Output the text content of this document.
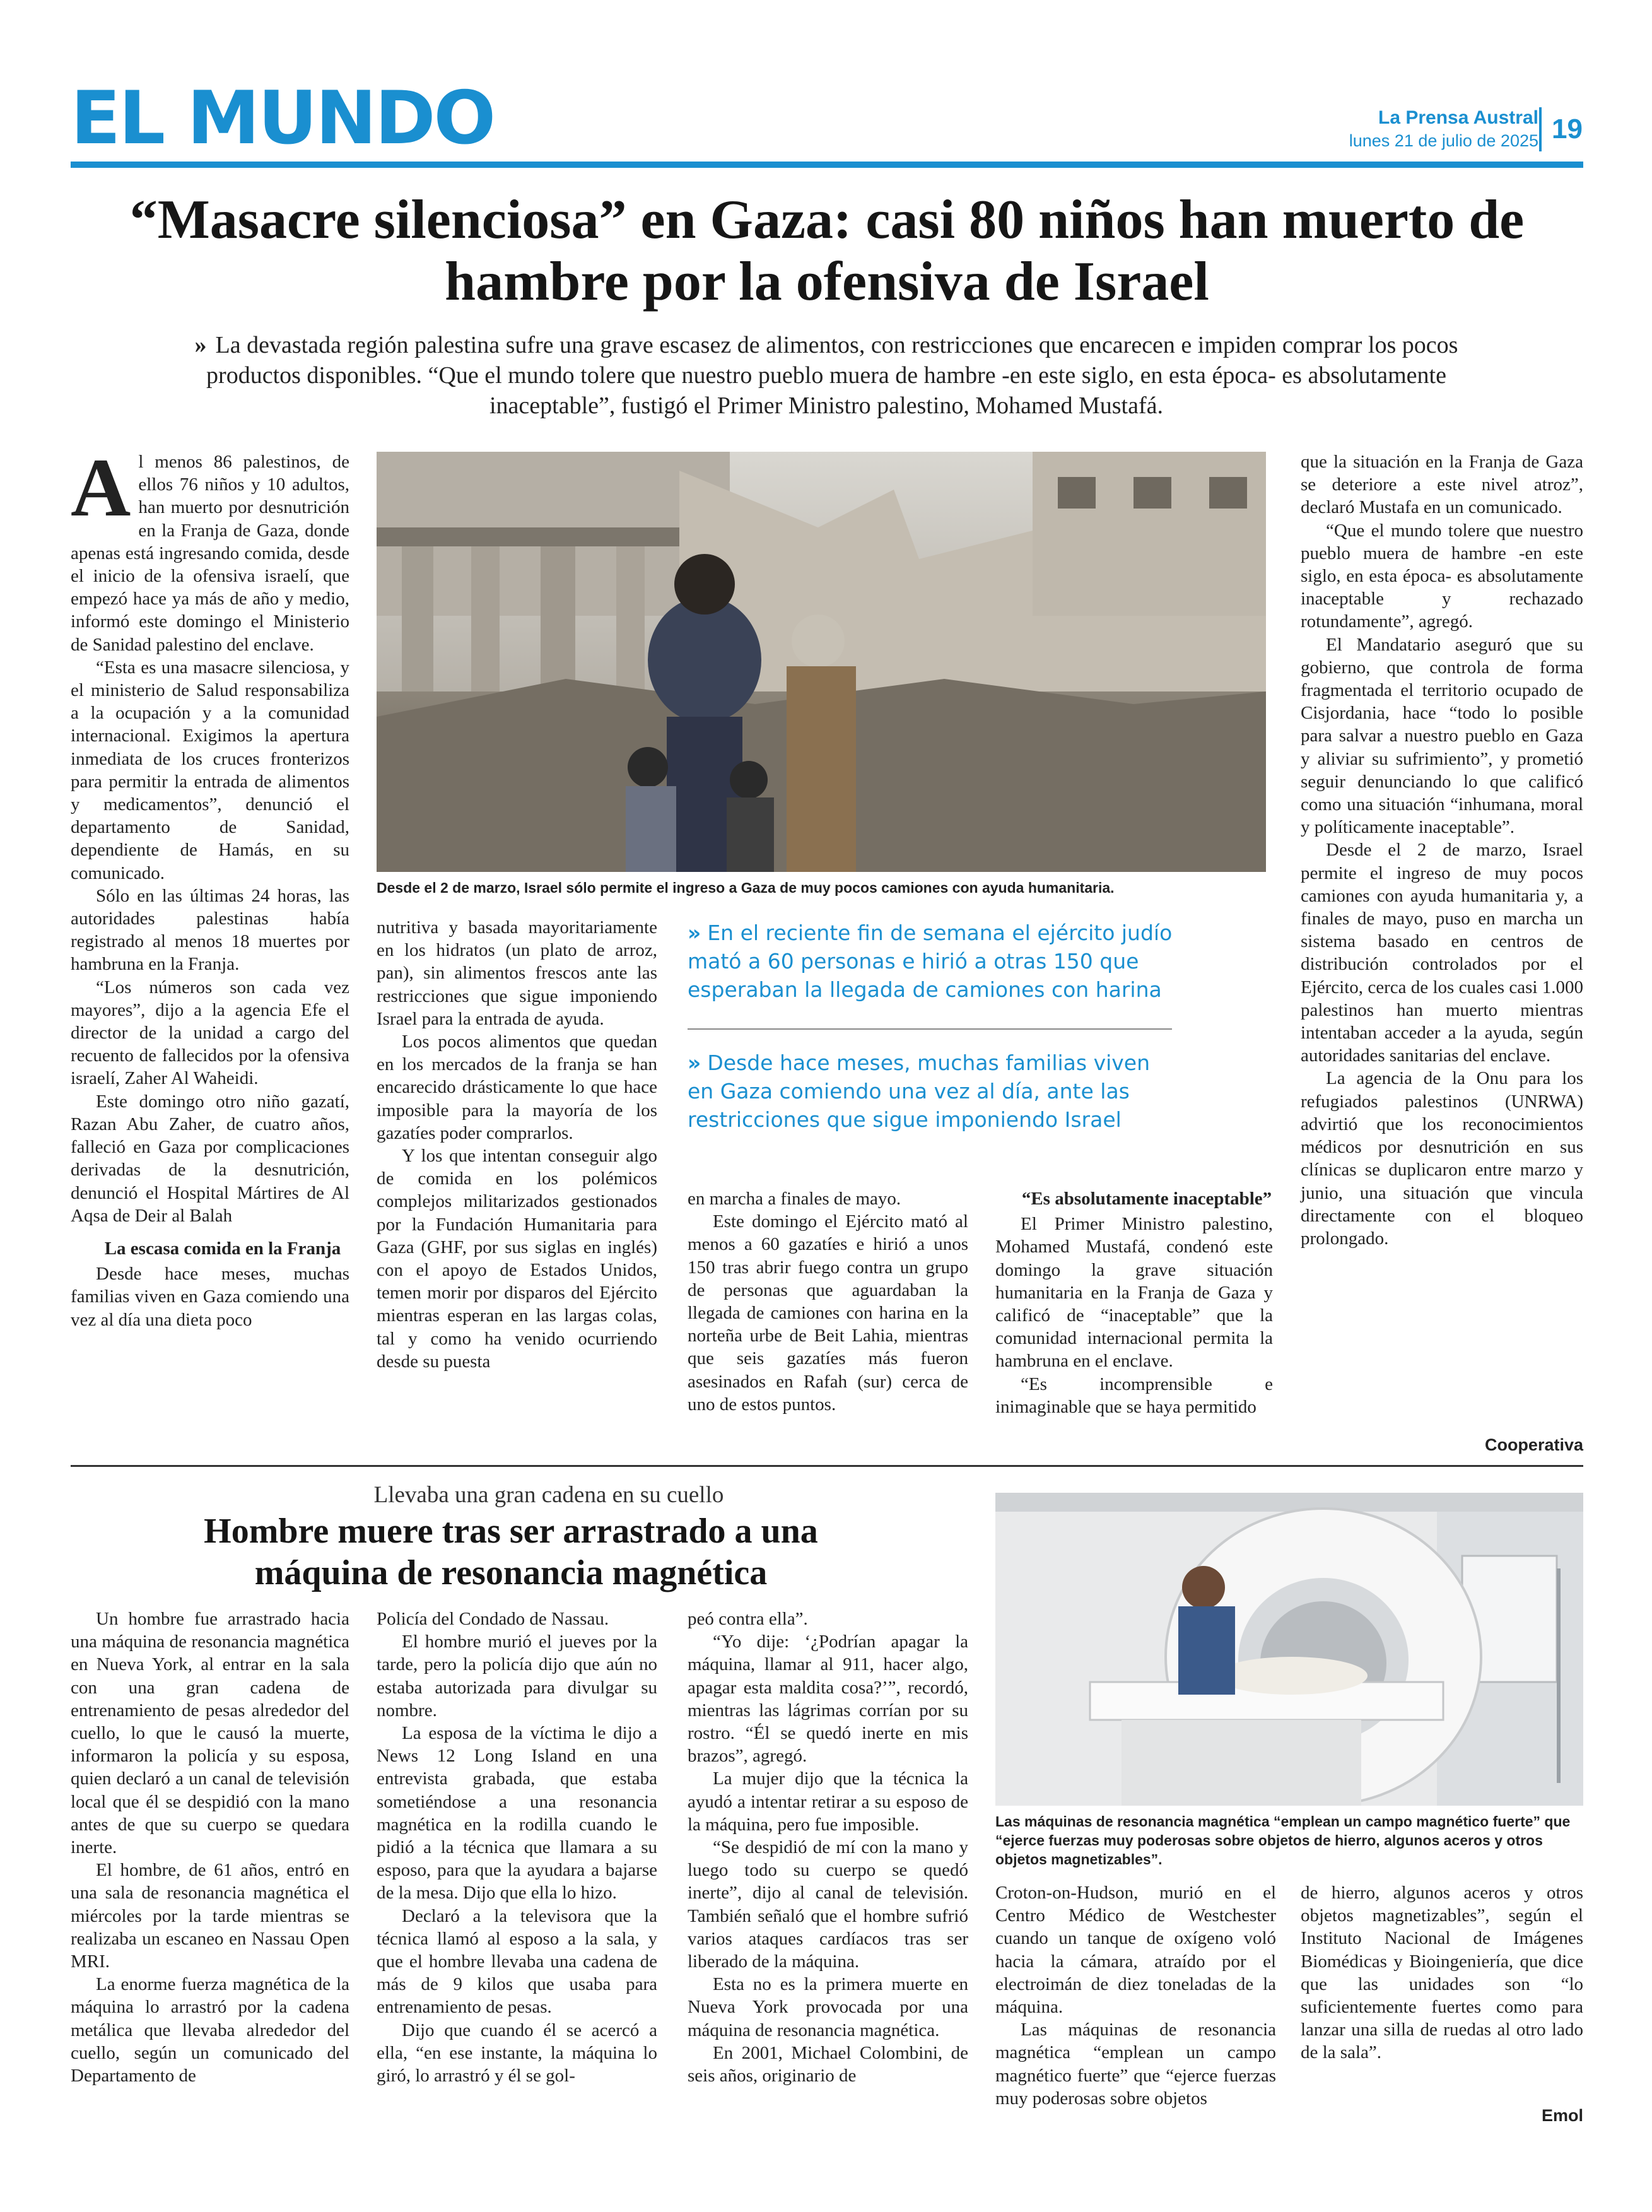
EL MUNDO	La Prensa Austral
lunes 21 de julio de 2025 19
“Masacre silenciosa” en Gaza: casi 80 niños han muerto de hambre por la ofensiva de Israel
» La devastada región palestina sufre una grave escasez de alimentos, con restricciones que encarecen e impiden comprar los pocos productos disponibles. “Que el mundo tolere que nuestro pueblo muera de hambre -en este siglo, en esta época- es absolutamente inaceptable”, fustigó el Primer Ministro palestino, Mohamed Mustafá.

Al menos 86 palestinos, de ellos 76 niños y 10 adultos, han muerto por desnutrición en la Franja de Gaza, donde apenas está ingresando comida, desde el inicio de la ofensiva israelí, que empezó hace ya más de año y medio, informó este domingo el Ministerio de Sanidad palestino del enclave.

“Esta es una masacre silenciosa, y el ministerio de Salud responsabiliza a la ocupación y a la comunidad internacional. Exigimos la apertura inmediata de los cruces fronterizos para permitir la entrada de alimentos y medicamentos”, denunció el departamento de Sanidad, dependiente de Hamás, en su comunicado.

Sólo en las últimas 24 horas, las autoridades palestinas había registrado al menos 18 muertes por hambruna en la Franja.

“Los números son cada vez mayores”, dijo a la agencia Efe el director de la unidad a cargo del recuento de fallecidos por la ofensiva israelí, Zaher Al Waheidi.

Este domingo otro niño gazatí, Razan Abu Zaher, de cuatro años, falleció en Gaza por complicaciones derivadas de la desnutrición, denunció el Hospital Mártires de Al Aqsa de Deir al Balah

La escasa comida en la Franja

Desde hace meses, muchas familias viven en Gaza comiendo una vez al día una dieta poco

Desde el 2 de marzo, Israel sólo permite el ingreso a Gaza de muy pocos camiones con ayuda humanitaria.

nutritiva y basada mayoritariamente en los hidratos (un plato de arroz, pan), sin alimentos frescos ante las restricciones que sigue imponiendo Israel para la entrada de ayuda.

Los pocos alimentos que quedan en los mercados de la franja se han encarecido drásticamente lo que hace imposible para la mayoría de los gazatíes poder comprarlos.

Y los que intentan conseguir algo de comida en los polémicos complejos militarizados gestionados por la Fundación Humanitaria para Gaza (GHF, por sus siglas en inglés) con el apoyo de Estados Unidos, temen morir por disparos del Ejército mientras esperan en las largas colas, tal y como ha venido ocurriendo desde su puesta

» En el reciente fin de semana el ejército judío mató a 60 personas e hirió a otras 150 que esperaban la llegada de camiones con harina
» Desde hace meses, muchas familias viven en Gaza comiendo una vez al día, ante las restricciones que sigue imponiendo Israel

en marcha a finales de mayo.

Este domingo el Ejército mató al menos a 60 gazatíes e hirió a unos 150 tras abrir fuego contra un grupo de personas que aguardaban la llegada de camiones con harina en la norteña urbe de Beit Lahia, mientras que seis gazatíes más fueron asesinados en Rafah (sur) cerca de uno de estos puntos.

“Es absolutamente inaceptable”

El Primer Ministro palestino, Mohamed Mustafá, condenó este domingo la grave situación humanitaria en la Franja de Gaza y calificó de “inaceptable” que la comunidad internacional permita la hambruna en el enclave.

“Es incomprensible e inimaginable que se haya permitido

que la situación en la Franja de Gaza se deteriore a este nivel atroz”, declaró Mustafa en un comunicado.

“Que el mundo tolere que nuestro pueblo muera de hambre -en este siglo, en esta época- es absolutamente inaceptable y rechazado rotundamente”, agregó.

El Mandatario aseguró que su gobierno, que controla de forma fragmentada el territorio ocupado de Cisjordania, hace “todo lo posible para salvar a nuestro pueblo en Gaza y aliviar su sufrimiento”, y prometió seguir denunciando lo que calificó como una situación “inhumana, moral y políticamente inaceptable”.

Desde el 2 de marzo, Israel permite el ingreso de muy pocos camiones con ayuda humanitaria y, a finales de mayo, puso en marcha un sistema basado en centros de distribución controlados por el Ejército, cerca de los cuales casi 1.000 palestinos han muerto mientras intentaban acceder a la ayuda, según autoridades sanitarias del enclave.

La agencia de la Onu para los refugiados palestinos (UNRWA) advirtió que los reconocimientos médicos por desnutrición en sus clínicas se duplicaron entre marzo y junio, una situación que vincula directamente con el bloqueo prolongado.

Cooperativa
Llevaba una gran cadena en su cuello
Hombre muere tras ser arrastrado a una máquina de resonancia magnética

Un hombre fue arrastrado hacia una máquina de resonancia magnética en Nueva York, al entrar en la sala con una gran cadena de entrenamiento de pesas alrededor del cuello, lo que le causó la muerte, informaron la policía y su esposa, quien declaró a un canal de televisión local que él se despidió con la mano antes de que su cuerpo se quedara inerte.

El hombre, de 61 años, entró en una sala de resonancia magnética el miércoles por la tarde mientras se realizaba un escaneo en Nassau Open MRI.

La enorme fuerza magnética de la máquina lo arrastró por la cadena metálica que llevaba alrededor del cuello, según un comunicado del Departamento de

Policía del Condado de Nassau.

El hombre murió el jueves por la tarde, pero la policía dijo que aún no estaba autorizada para divulgar su nombre.

La esposa de la víctima le dijo a News 12 Long Island en una entrevista grabada, que estaba sometiéndose a una resonancia magnética en la rodilla cuando le pidió a la técnica que llamara a su esposo, para que la ayudara a bajarse de la mesa. Dijo que ella lo hizo.

Declaró a la televisora que la técnica llamó al esposo a la sala, y que el hombre llevaba una cadena de más de 9 kilos que usaba para entrenamiento de pesas.

Dijo que cuando él se acercó a ella, “en ese instante, la máquina lo giró, lo arrastró y él se gol-

peó contra ella”.

“Yo dije: ‘¿Podrían apagar la máquina, llamar al 911, hacer algo, apagar esta maldita cosa?’”, recordó, mientras las lágrimas corrían por su rostro. “Él se quedó inerte en mis brazos”, agregó.

La mujer dijo que la técnica la ayudó a intentar retirar a su esposo de la máquina, pero fue imposible.

“Se despidió de mí con la mano y luego todo su cuerpo se quedó inerte”, dijo al canal de televisión. También señaló que el hombre sufrió varios ataques cardíacos tras ser liberado de la máquina.

Esta no es la primera muerte en Nueva York provocada por una máquina de resonancia magnética.

En 2001, Michael Colombini, de seis años, originario de

Las máquinas de resonancia magnética “emplean un campo magnético fuerte” que “ejerce fuerzas muy poderosas sobre objetos de hierro, algunos aceros y otros objetos magnetizables”.

Croton-on-Hudson, murió en el Centro Médico de Westchester cuando un tanque de oxígeno voló hacia la cámara, atraído por el electroimán de diez toneladas de la máquina.

Las máquinas de resonancia magnética “emplean un campo magnético fuerte” que “ejerce fuerzas muy poderosas sobre objetos

de hierro, algunos aceros y otros objetos magnetizables”, según el Instituto Nacional de Imágenes Biomédicas y Bioingeniería, que dice que las unidades son “lo suficientemente fuertes como para lanzar una silla de ruedas al otro lado de la sala”.

Emol
